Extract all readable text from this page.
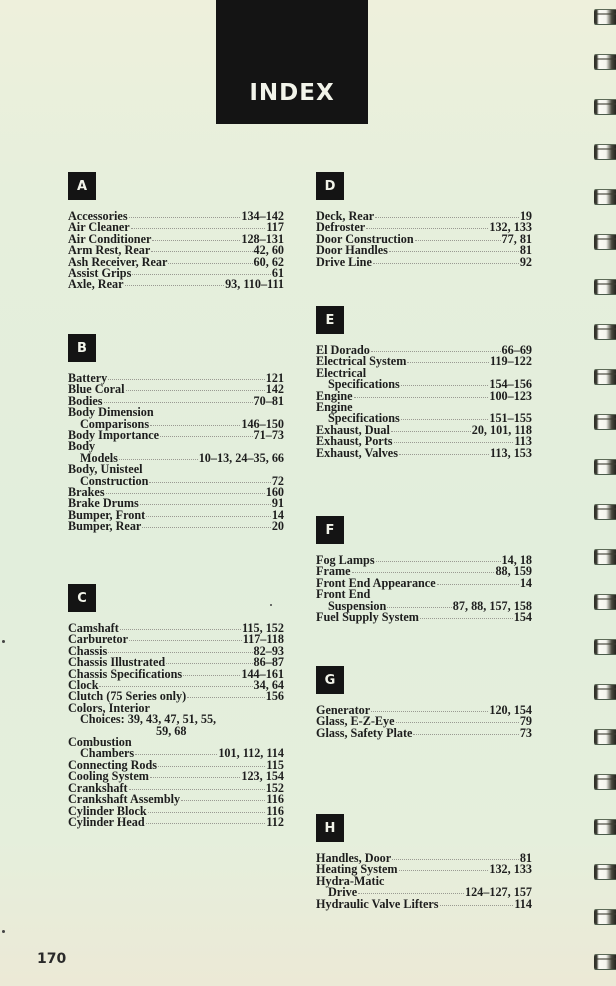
INDEX
A
Accessories	134–142
Air Cleaner	117
Air Conditioner	128–131
Arm Rest, Rear	42, 60
Ash Receiver, Rear	60, 62
Assist Grips	61
Axle, Rear	93, 110–111
B
Battery	121
Blue Coral	142
Bodies	70–81
Body Dimension
Comparisons	146–150
Body Importance	71–73
Body
Models	10–13, 24–35, 66
Body, Unisteel
Construction	72
Brakes	160
Brake Drums	91
Bumper, Front	14
Bumper, Rear	20
C
Camshaft	115, 152
Carburetor	117–118
Chassis	82–93
Chassis Illustrated	86–87
Chassis Specifications	144–161
Clock	34, 64
Clutch (75 Series only)	156
Colors, Interior
Choices: 39, 43, 47, 51, 55,
59, 68
Combustion
Chambers	101, 112, 114
Connecting Rods	115
Cooling System	123, 154
Crankshaft	152
Crankshaft Assembly	116
Cylinder Block	116
Cylinder Head	112
D
Deck, Rear	19
Defroster	132, 133
Door Construction	77, 81
Door Handles	81
Drive Line	92
E
El Dorado	66–69
Electrical System	119–122
Electrical
Specifications	154–156
Engine	100–123
Engine
Specifications	151–155
Exhaust, Dual	20, 101, 118
Exhaust, Ports	113
Exhaust, Valves	113, 153
F
Fog Lamps	14, 18
Frame	88, 159
Front End Appearance	14
Front End
Suspension	87, 88, 157, 158
Fuel Supply System	154
G
Generator	120, 154
Glass, E-Z-Eye	79
Glass, Safety Plate	73
H
Handles, Door	81
Heating System	132, 133
Hydra-Matic
Drive	124–127, 157
Hydraulic Valve Lifters	114
170
